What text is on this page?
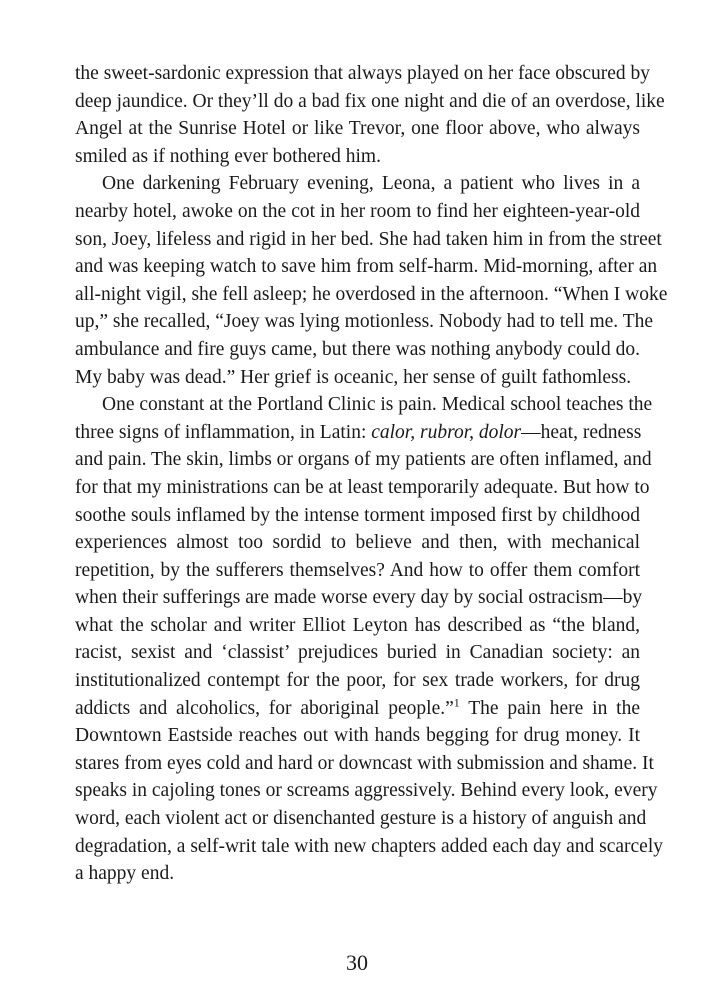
the sweet-sardonic expression that always played on her face obscured by
deep jaundice. Or they’ll do a bad fix one night and die of an overdose, like
Angel at the Sunrise Hotel or like Trevor, one floor above, who always
smiled as if nothing ever bothered him.
One darkening February evening, Leona, a patient who lives in a
nearby hotel, awoke on the cot in her room to find her eighteen-year-old
son, Joey, lifeless and rigid in her bed. She had taken him in from the street
and was keeping watch to save him from self-harm. Mid-morning, after an
all-night vigil, she fell asleep; he overdosed in the afternoon. “When I woke
up,” she recalled, “Joey was lying motionless. Nobody had to tell me. The
ambulance and fire guys came, but there was nothing anybody could do.
My baby was dead.” Her grief is oceanic, her sense of guilt fathomless.
One constant at the Portland Clinic is pain. Medical school teaches the
three signs of inflammation, in Latin: calor, rubror, dolor—heat, redness
and pain. The skin, limbs or organs of my patients are often inflamed, and
for that my ministrations can be at least temporarily adequate. But how to
soothe souls inflamed by the intense torment imposed first by childhood
experiences almost too sordid to believe and then, with mechanical
repetition, by the sufferers themselves? And how to offer them comfort
when their sufferings are made worse every day by social ostracism—by
what the scholar and writer Elliot Leyton has described as “the bland,
racist, sexist and ‘classist’ prejudices buried in Canadian society: an
institutionalized contempt for the poor, for sex trade workers, for drug
addicts and alcoholics, for aboriginal people.”$^1$ The pain here in the
Downtown Eastside reaches out with hands begging for drug money. It
stares from eyes cold and hard or downcast with submission and shame. It
speaks in cajoling tones or screams aggressively. Behind every look, every
word, each violent act or disenchanted gesture is a history of anguish and
degradation, a self-writ tale with new chapters added each day and scarcely
a happy end.
30
